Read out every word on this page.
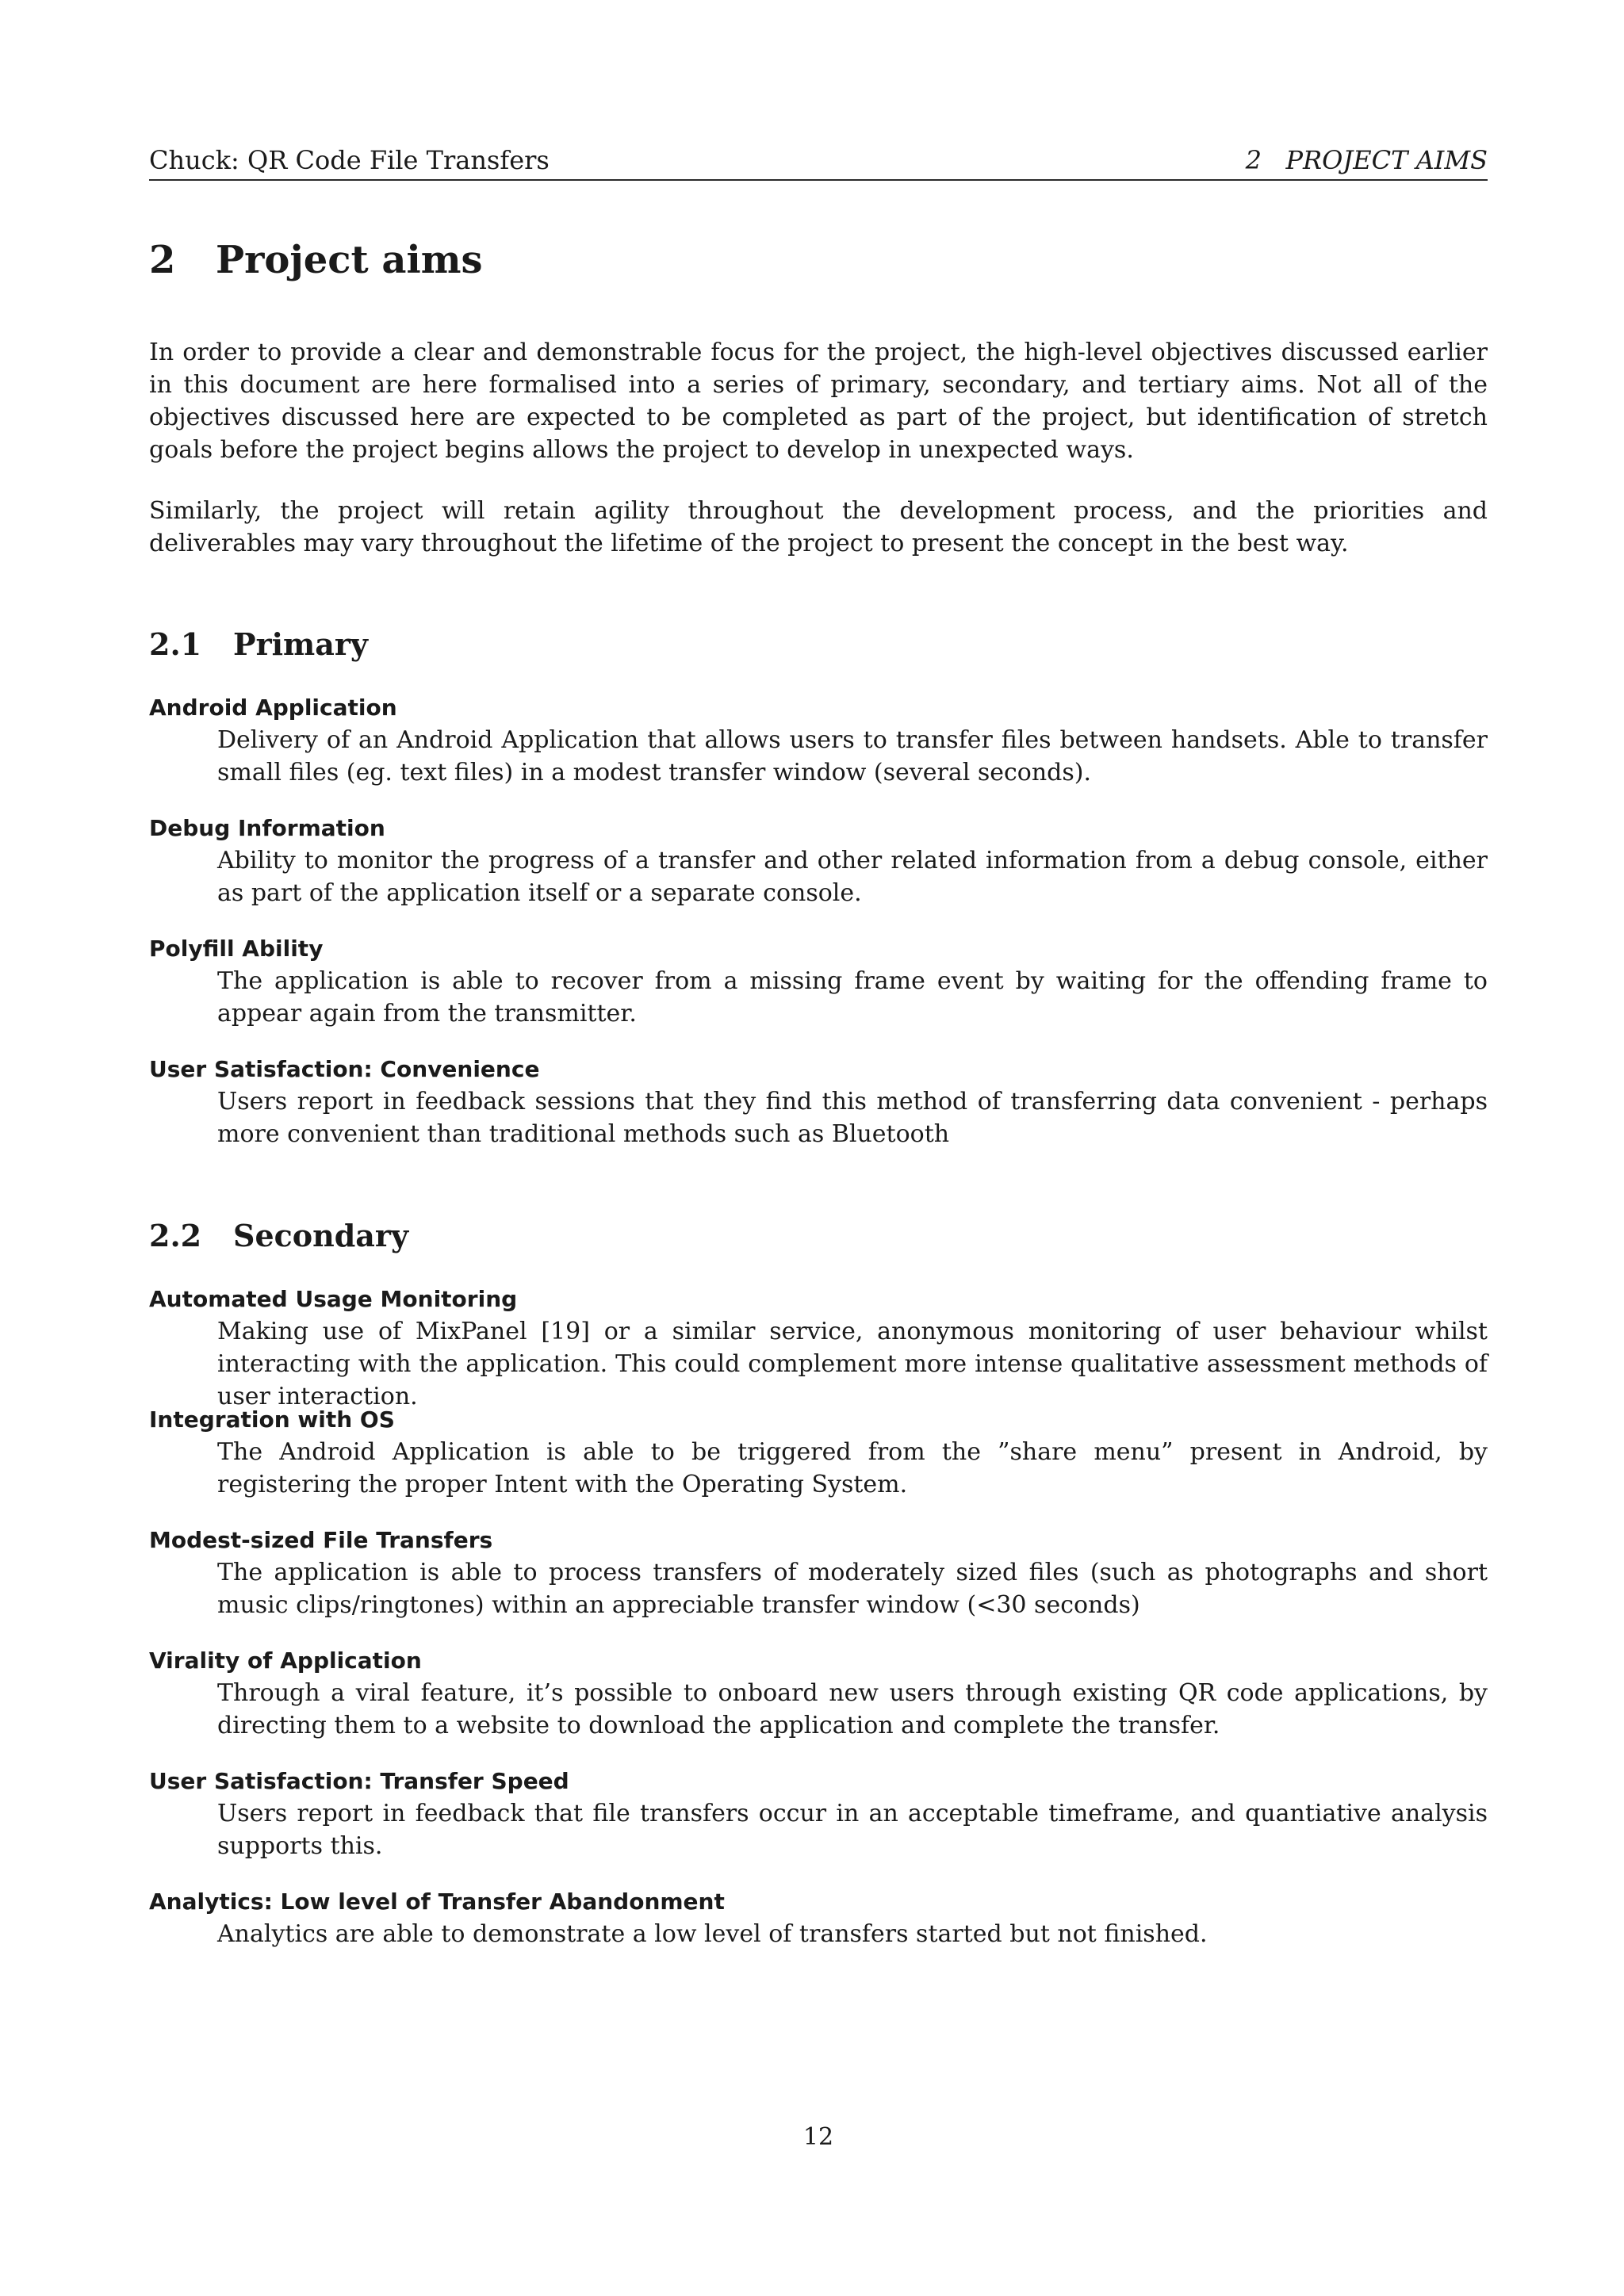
Chuck: QR Code File Transfers	2   PROJECT AIMS
2 Project aims
In order to provide a clear and demonstrable focus for the project, the high-level objectives discussed earlier in this document are here formalised into a series of primary, secondary, and tertiary aims. Not all of the objectives discussed here are expected to be completed as part of the project, but identification of stretch goals before the project begins allows the project to develop in unexpected ways.
Similarly, the project will retain agility throughout the development process, and the priorities and deliverables may vary throughout the lifetime of the project to present the concept in the best way.
2.1 Primary
Android Application
Delivery of an Android Application that allows users to transfer files between handsets. Able to transfer small files (eg. text files) in a modest transfer window (several seconds).
Debug Information
Ability to monitor the progress of a transfer and other related information from a debug console, either as part of the application itself or a separate console.
Polyfill Ability
The application is able to recover from a missing frame event by waiting for the offending frame to appear again from the transmitter.
User Satisfaction: Convenience
Users report in feedback sessions that they find this method of transferring data convenient - perhaps more convenient than traditional methods such as Bluetooth
2.2 Secondary
Automated Usage Monitoring
Making use of MixPanel [19] or a similar service, anonymous monitoring of user behaviour whilst interacting with the application. This could complement more intense qualitative assessment methods of user interaction.
Integration with OS
The Android Application is able to be triggered from the ”share menu” present in Android, by registering the proper Intent with the Operating System.
Modest-sized File Transfers
The application is able to process transfers of moderately sized files (such as photographs and short music clips/ringtones) within an appreciable transfer window (<30 seconds)
Virality of Application
Through a viral feature, it’s possible to onboard new users through existing QR code applications, by directing them to a website to download the application and complete the transfer.
User Satisfaction: Transfer Speed
Users report in feedback that file transfers occur in an acceptable timeframe, and quantiative analysis supports this.
Analytics: Low level of Transfer Abandonment
Analytics are able to demonstrate a low level of transfers started but not finished.
12
